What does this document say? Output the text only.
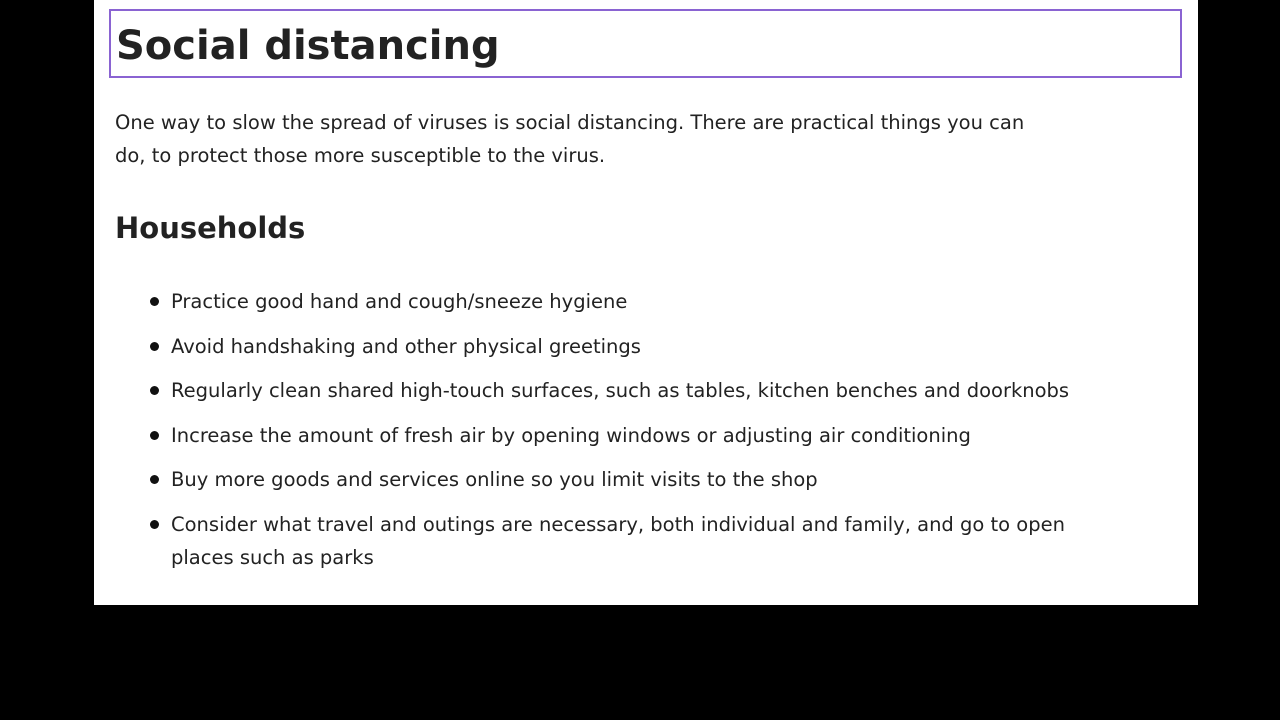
Social distancing

One way to slow the spread of viruses is social distancing. There are practical things you can do, to protect those more susceptible to the virus.

Households
Practice good hand and cough/sneeze hygiene
Avoid handshaking and other physical greetings
Regularly clean shared high-touch surfaces, such as tables, kitchen benches and doorknobs
Increase the amount of fresh air by opening windows or adjusting air conditioning
Buy more goods and services online so you limit visits to the shop
Consider what travel and outings are necessary, both individual and family, and go to open places such as parks
